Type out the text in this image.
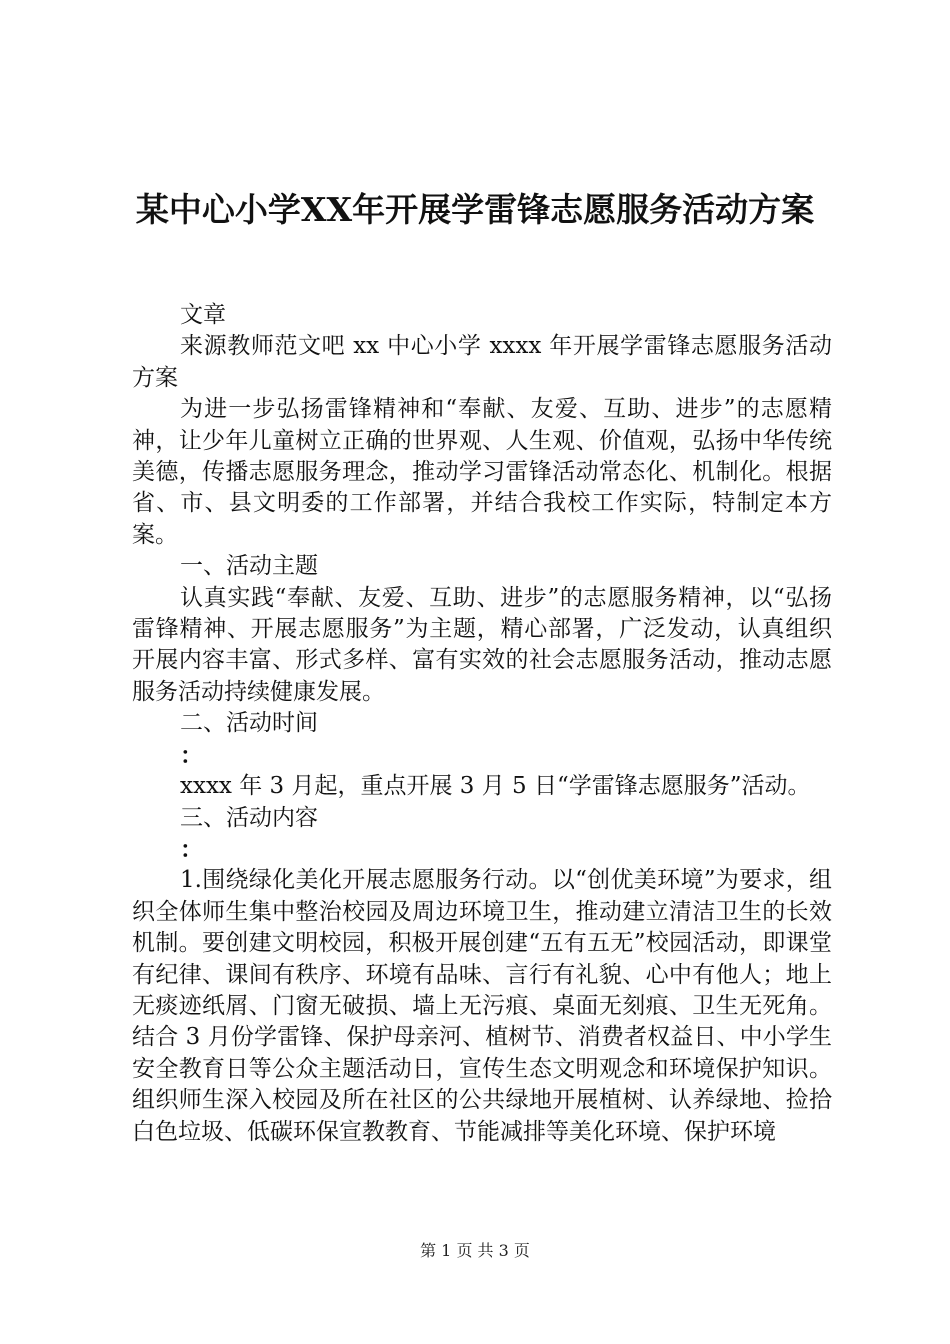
某中心小学XX年开展学雷锋志愿服务活动方案

文章

来源教师范文吧 xx 中心小学 xxxx 年开展学雷锋志愿服务活动方案

为进一步弘扬雷锋精神和“奉献、友爱、互助、进步”的志愿精神，让少年儿童树立正确的世界观、人生观、价值观，弘扬中华传统美德，传播志愿服务理念，推动学习雷锋活动常态化、机制化。根据省、市、县文明委的工作部署，并结合我校工作实际，特制定本方案。

一、活动主题

认真实践“奉献、友爱、互助、进步”的志愿服务精神，以“弘扬雷锋精神、开展志愿服务”为主题，精心部署，广泛发动，认真组织开展内容丰富、形式多样、富有实效的社会志愿服务活动，推动志愿服务活动持续健康发展。

二、活动时间

：

xxxx 年 3 月起，重点开展 3 月 5 日“学雷锋志愿服务”活动。

三、活动内容

：

1.围绕绿化美化开展志愿服务行动。以“创优美环境”为要求，组织全体师生集中整治校园及周边环境卫生，推动建立清洁卫生的长效机制。要创建文明校园，积极开展创建“五有五无”校园活动，即课堂有纪律、课间有秩序、环境有品味、言行有礼貌、心中有他人；地上无痰迹纸屑、门窗无破损、墙上无污痕、桌面无刻痕、卫生无死角。结合 3 月份学雷锋、保护母亲河、植树节、消费者权益日、中小学生安全教育日等公众主题活动日，宣传生态文明观念和环境保护知识。组织师生深入校园及所在社区的公共绿地开展植树、认养绿地、捡拾白色垃圾、低碳环保宣教教育、节能减排等美化环境、保护环境

第 1 页 共 3 页
